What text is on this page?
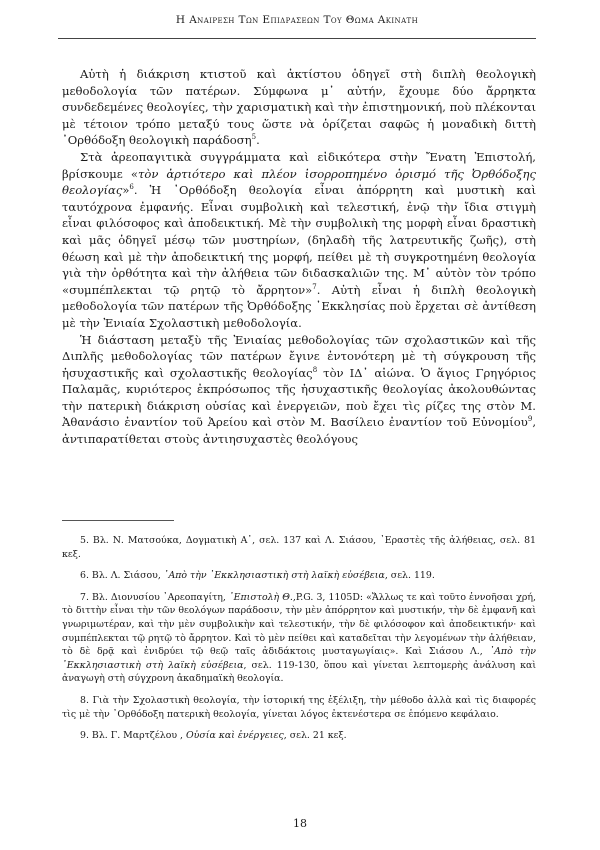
Η Αναιρεση Των Επιδρασεων Του Θωμα Ακινατη

Αὐτὴ ἡ διάκριση κτιστοῦ καὶ ἀκτίστου ὁδηγεῖ στὴ διπλὴ θεολογικὴ μεθοδολογία τῶν πατέρων. Σύμφωνα μ᾽ αὐτήν, ἔχουμε δύο ἄρρηκτα συνδεδεμένες θεολογίες, τὴν χαρισματικὴ καὶ τὴν ἐπιστημονική, ποὺ πλέκονται μὲ τέτοιον τρόπο μεταξύ τους ὥστε νὰ ὁρίζεται σαφῶς ἡ μοναδικὴ διττὴ ᾽Ορθόδοξη θεολογικὴ παράδοση$^5$.

Στὰ ἀρεοπαγιτικὰ συγγράμματα καὶ εἰδικότερα στὴν Ἔνατη Ἐπιστολή, βρίσκουμε «τὸν ἀρτιότερο καὶ πλέον ἰσορροπημένο ὁρισμό τῆς Ὀρθόδοξης θεολογίας»$^6$. Ἡ ᾽Ορθόδοξη θεολογία εἶναι ἀπόρρητη καὶ μυστικὴ καὶ ταυτόχρονα ἐμφανής. Εἶναι συμβολικὴ καὶ τελεστική, ἐνῷ τὴν ἴδια στιγμὴ εἶναι φιλόσοφος καὶ ἀποδεικτική. Μὲ τὴν συμβολικὴ της μορφὴ εἶναι δραστικὴ καὶ μᾶς ὁδηγεῖ μέσῳ τῶν μυστηρίων, (δηλαδὴ τῆς λατρευτικῆς ζωῆς), στὴ θέωση καὶ μὲ τὴν ἀποδεικτική της μορφή, πείθει μὲ τὴ συγκροτημένη θεολογία γιὰ τὴν ὀρθότητα καὶ τὴν ἀλήθεια τῶν διδασκαλιῶν της. Μ᾽ αὐτὸν τὸν τρόπο «συμπέπλεκται τῷ ρητῷ τὸ ἄρρητον»$^7$. Αὐτὴ εἶναι ἡ διπλὴ θεολογικὴ μεθοδολογία τῶν πατέρων τῆς Ὀρθόδοξης ᾽Εκκλησίας ποὺ ἔρχεται σὲ ἀντίθεση μὲ τὴν Ἐνιαία Σχολαστικὴ μεθοδολογία.

Ἡ διάσταση μεταξὺ τῆς Ἐνιαίας μεθοδολογίας τῶν σχολαστικῶν καὶ τῆς Διπλῆς μεθοδολογίας τῶν πατέρων ἔγινε ἐντονότερη μὲ τὴ σύγκρουση τῆς ἡσυχαστικῆς καὶ σχολαστικῆς θεολογίας$^8$ τὸν ΙΔ᾽ αἰώνα. Ὁ ἅγιος Γρηγόριος Παλαμᾶς, κυριότερος ἐκπρόσωπος τῆς ἡσυχαστικῆς θεολογίας ἀκολουθώντας τὴν πατερικὴ διάκριση οὐσίας καὶ ἐνεργειῶν, ποὺ ἔχει τὶς ρίζες της στὸν Μ. Ἀθανάσιο ἐναντίον τοῦ Ἀρείου καὶ στὸν Μ. Βασίλειο ἐναντίον τοῦ Εὐνομίου$^9$, ἀντιπαρατίθεται στοὺς ἀντιησυχαστὲς θεολόγους

5. Βλ. Ν. Ματσούκα, Δογματικὴ Α᾽, σελ. 137 καὶ Λ. Σιάσου, ᾽Εραστὲς τῆς ἀλήθειας, σελ. 81 κεξ.

6. Βλ. Λ. Σιάσου, ᾽Απὸ τὴν ᾽Εκκλησιαστικὴ στὴ λαϊκὴ εὐσέβεια, σελ. 119.

7. Βλ. Διονυσίου ᾽Αρεοπαγίτη, ᾽Επιστολὴ Θ.,P.G. 3, 1105D: «Ἄλλως τε καὶ τοῦτο ἐννοῆσαι χρή, τὸ διττὴν εἶναι τὴν τῶν θεολόγων παράδοσιν, τὴν μὲν ἀπόρρητον καὶ μυστικήν, τὴν δὲ ἐμφανῆ καὶ γνωριμωτέραν, καὶ τὴν μὲν συμβολικὴν καὶ τελεστικήν, τὴν δὲ φιλόσοφον καὶ ἀποδεικτικήν· καὶ συμπέπλεκται τῷ ρητῷ τὸ ἄρρητον. Καὶ τὸ μὲν πείθει καὶ καταδεῖται τὴν λεγομένων τὴν ἀλήθειαν, τὸ δὲ δρᾷ καὶ ἐνιδρύει τῷ θεῷ ταῖς ἀδιδάκτοις μυσταγωγίαις». Καὶ Σιάσου Λ., ᾽Απὸ τὴν ᾽Εκκλησιαστικὴ στὴ λαϊκὴ εὐσέβεια, σελ. 119-130, ὅπου καὶ γίνεται λεπτομερὴς ἀνάλυση καὶ ἀναγωγὴ στὴ σύγχρονη ἀκαδημαϊκὴ θεολογία.

8. Γιὰ τὴν Σχολαστικὴ θεολογία, τὴν ἱστορική της ἐξέλιξη, τὴν μέθοδο ἀλλὰ καὶ τὶς διαφορές τὶς μὲ τὴν ᾽Ορθόδοξη πατερικὴ θεολογία, γίνεται λόγος ἐκτενέστερα σε ἑπόμενο κεφάλαιο.

9. Βλ. Γ. Μαρτζέλου , Οὐσία καὶ ἐνέργειες, σελ. 21 κεξ.

18
